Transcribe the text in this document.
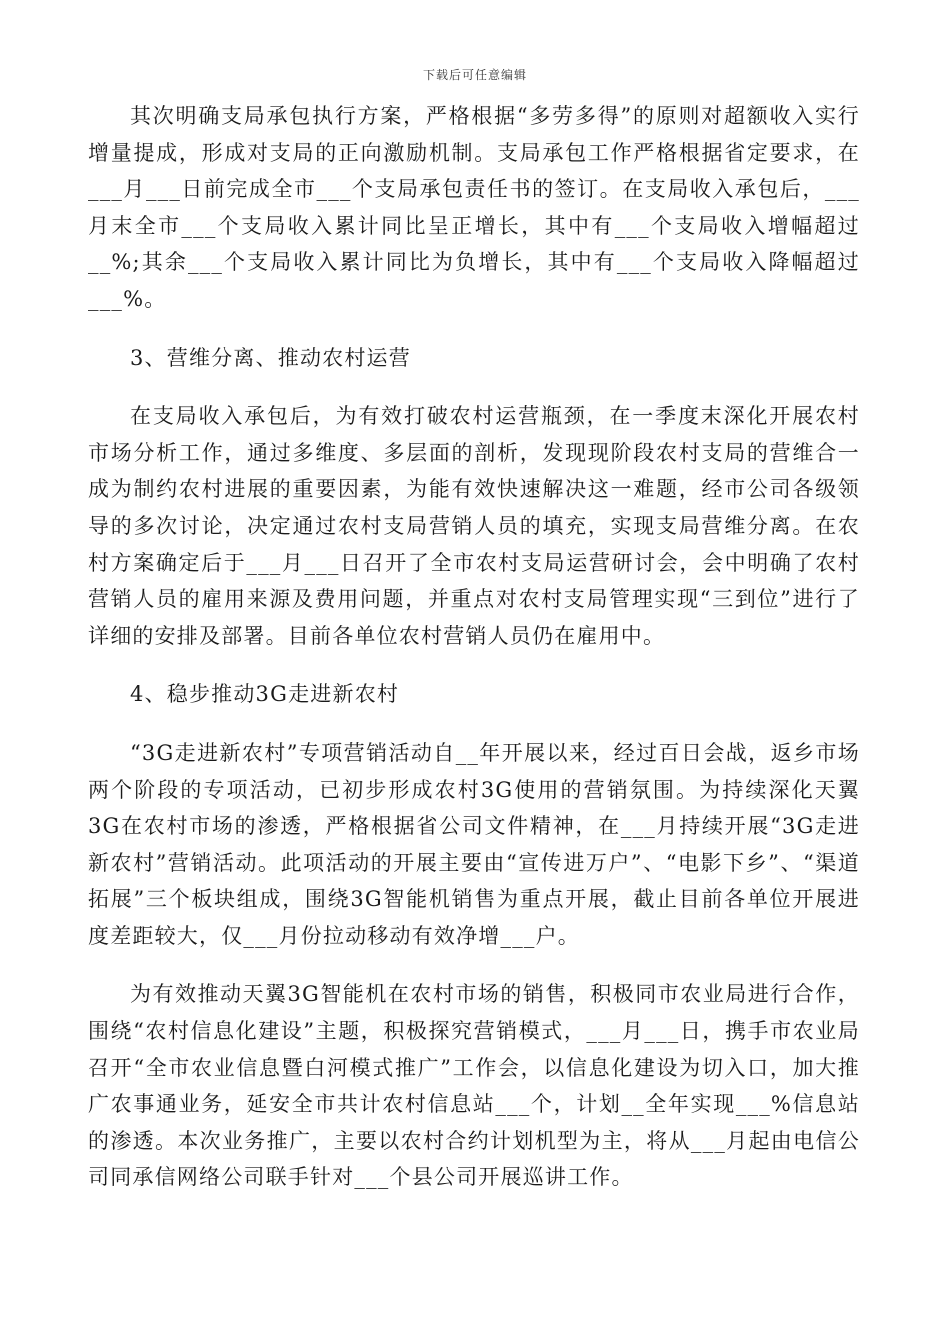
下载后可任意编辑

其次明确支局承包执行方案，严格根据“多劳多得”的原则对超额收入实行增量提成，形成对支局的正向激励机制。支局承包工作严格根据省定要求，在___月___日前完成全市___个支局承包责任书的签订。在支局收入承包后，___月末全市___个支局收入累计同比呈正增长，其中有___个支局收入增幅超过__%;其余___个支局收入累计同比为负增长，其中有___个支局收入降幅超过___%。

3、营维分离、推动农村运营

在支局收入承包后，为有效打破农村运营瓶颈，在一季度末深化开展农村市场分析工作，通过多维度、多层面的剖析，发现现阶段农村支局的营维合一成为制约农村进展的重要因素，为能有效快速解决这一难题，经市公司各级领导的多次讨论，决定通过农村支局营销人员的填充，实现支局营维分离。在农村方案确定后于___月___日召开了全市农村支局运营研讨会，会中明确了农村营销人员的雇用来源及费用问题，并重点对农村支局管理实现“三到位”进行了详细的安排及部署。目前各单位农村营销人员仍在雇用中。

4、稳步推动3G走进新农村

“3G走进新农村”专项营销活动自__年开展以来，经过百日会战，返乡市场两个阶段的专项活动，已初步形成农村3G使用的营销氛围。为持续深化天翼3G在农村市场的渗透，严格根据省公司文件精神，在___月持续开展“3G走进新农村”营销活动。此项活动的开展主要由“宣传进万户”、“电影下乡”、“渠道拓展”三个板块组成，围绕3G智能机销售为重点开展，截止目前各单位开展进度差距较大，仅___月份拉动移动有效净增___户。

为有效推动天翼3G智能机在农村市场的销售，积极同市农业局进行合作，围绕“农村信息化建设”主题，积极探究营销模式，___月___日，携手市农业局召开“全市农业信息暨白河模式推广”工作会，以信息化建设为切入口，加大推广农事通业务，延安全市共计农村信息站___个，计划__全年实现___%信息站的渗透。本次业务推广，主要以农村合约计划机型为主，将从___月起由电信公司同承信网络公司联手针对___个县公司开展巡讲工作。
